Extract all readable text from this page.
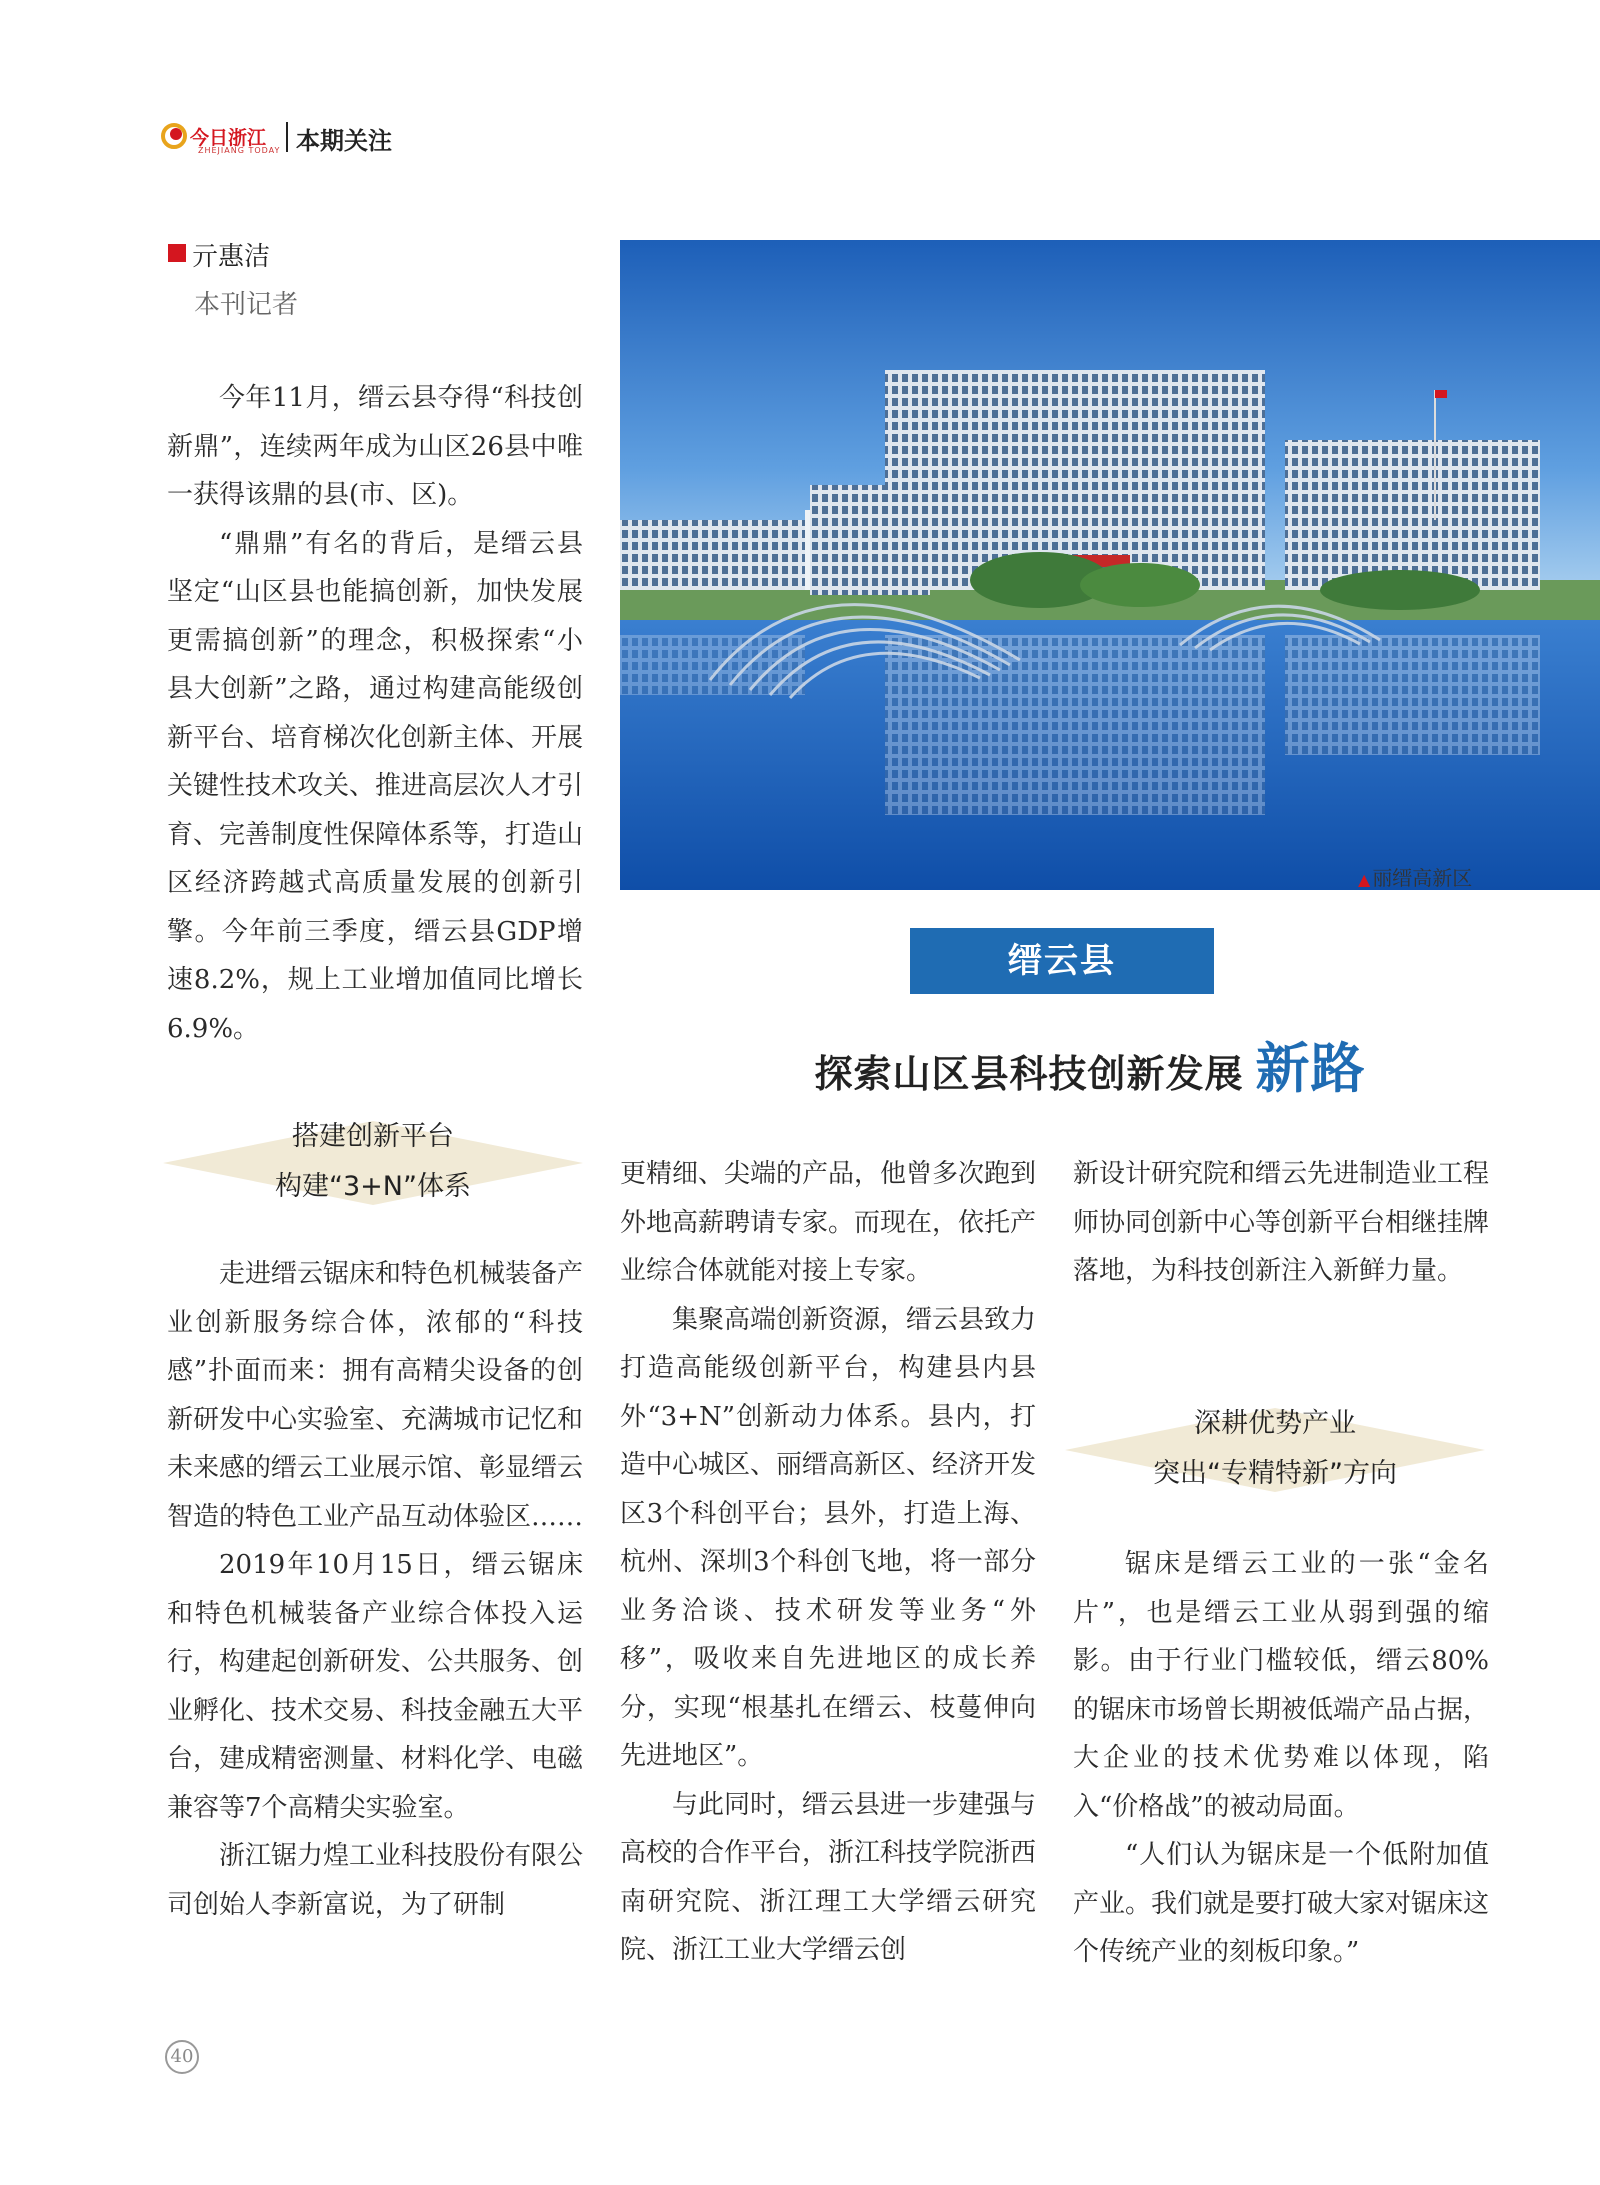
今日浙江
ZHEJIANG TODAY 本期关注
亓惠洁
本刊记者

今年11月，缙云县夺得“科技创新鼎”，连续两年成为山区26县中唯一获得该鼎的县(市、区)。

“鼎鼎”有名的背后，是缙云县坚定“山区县也能搞创新，加快发展更需搞创新”的理念，积极探索“小县大创新”之路，通过构建高能级创新平台、培育梯次化创新主体、开展关键性技术攻关、推进高层次人才引育、完善制度性保障体系等，打造山区经济跨越式高质量发展的创新引擎。今年前三季度，缙云县GDP增速8.2%，规上工业增加值同比增长6.9%。

搭建创新平台
构建“3+N”体系

走进缙云锯床和特色机械装备产业创新服务综合体，浓郁的“科技感”扑面而来：拥有高精尖设备的创新研发中心实验室、充满城市记忆和未来感的缙云工业展示馆、彰显缙云智造的特色工业产品互动体验区……

2019年10月15日，缙云锯床和特色机械装备产业综合体投入运行，构建起创新研发、公共服务、创业孵化、技术交易、科技金融五大平台，建成精密测量、材料化学、电磁兼容等7个高精尖实验室。

浙江锯力煌工业科技股份有限公司创始人李新富说，为了研制

▲ 丽缙高新区
缙云县
探索山区县科技创新发展 新路

更精细、尖端的产品，他曾多次跑到外地高薪聘请专家。而现在，依托产业综合体就能对接上专家。

集聚高端创新资源，缙云县致力打造高能级创新平台，构建县内县外“3+N”创新动力体系。县内，打造中心城区、丽缙高新区、经济开发区3个科创平台；县外，打造上海、杭州、深圳3个科创飞地，将一部分业务洽谈、技术研发等业务“外移”，吸收来自先进地区的成长养分，实现“根基扎在缙云、枝蔓伸向先进地区”。

与此同时，缙云县进一步建强与高校的合作平台，浙江科技学院浙西南研究院、浙江理工大学缙云研究院、浙江工业大学缙云创

新设计研究院和缙云先进制造业工程师协同创新中心等创新平台相继挂牌落地，为科技创新注入新鲜力量。

深耕优势产业
突出“专精特新”方向

锯床是缙云工业的一张“金名片”，也是缙云工业从弱到强的缩影。由于行业门槛较低，缙云80%的锯床市场曾长期被低端产品占据，大企业的技术优势难以体现，陷入“价格战”的被动局面。

“人们认为锯床是一个低附加值产业。我们就是要打破大家对锯床这个传统产业的刻板印象。”

40
